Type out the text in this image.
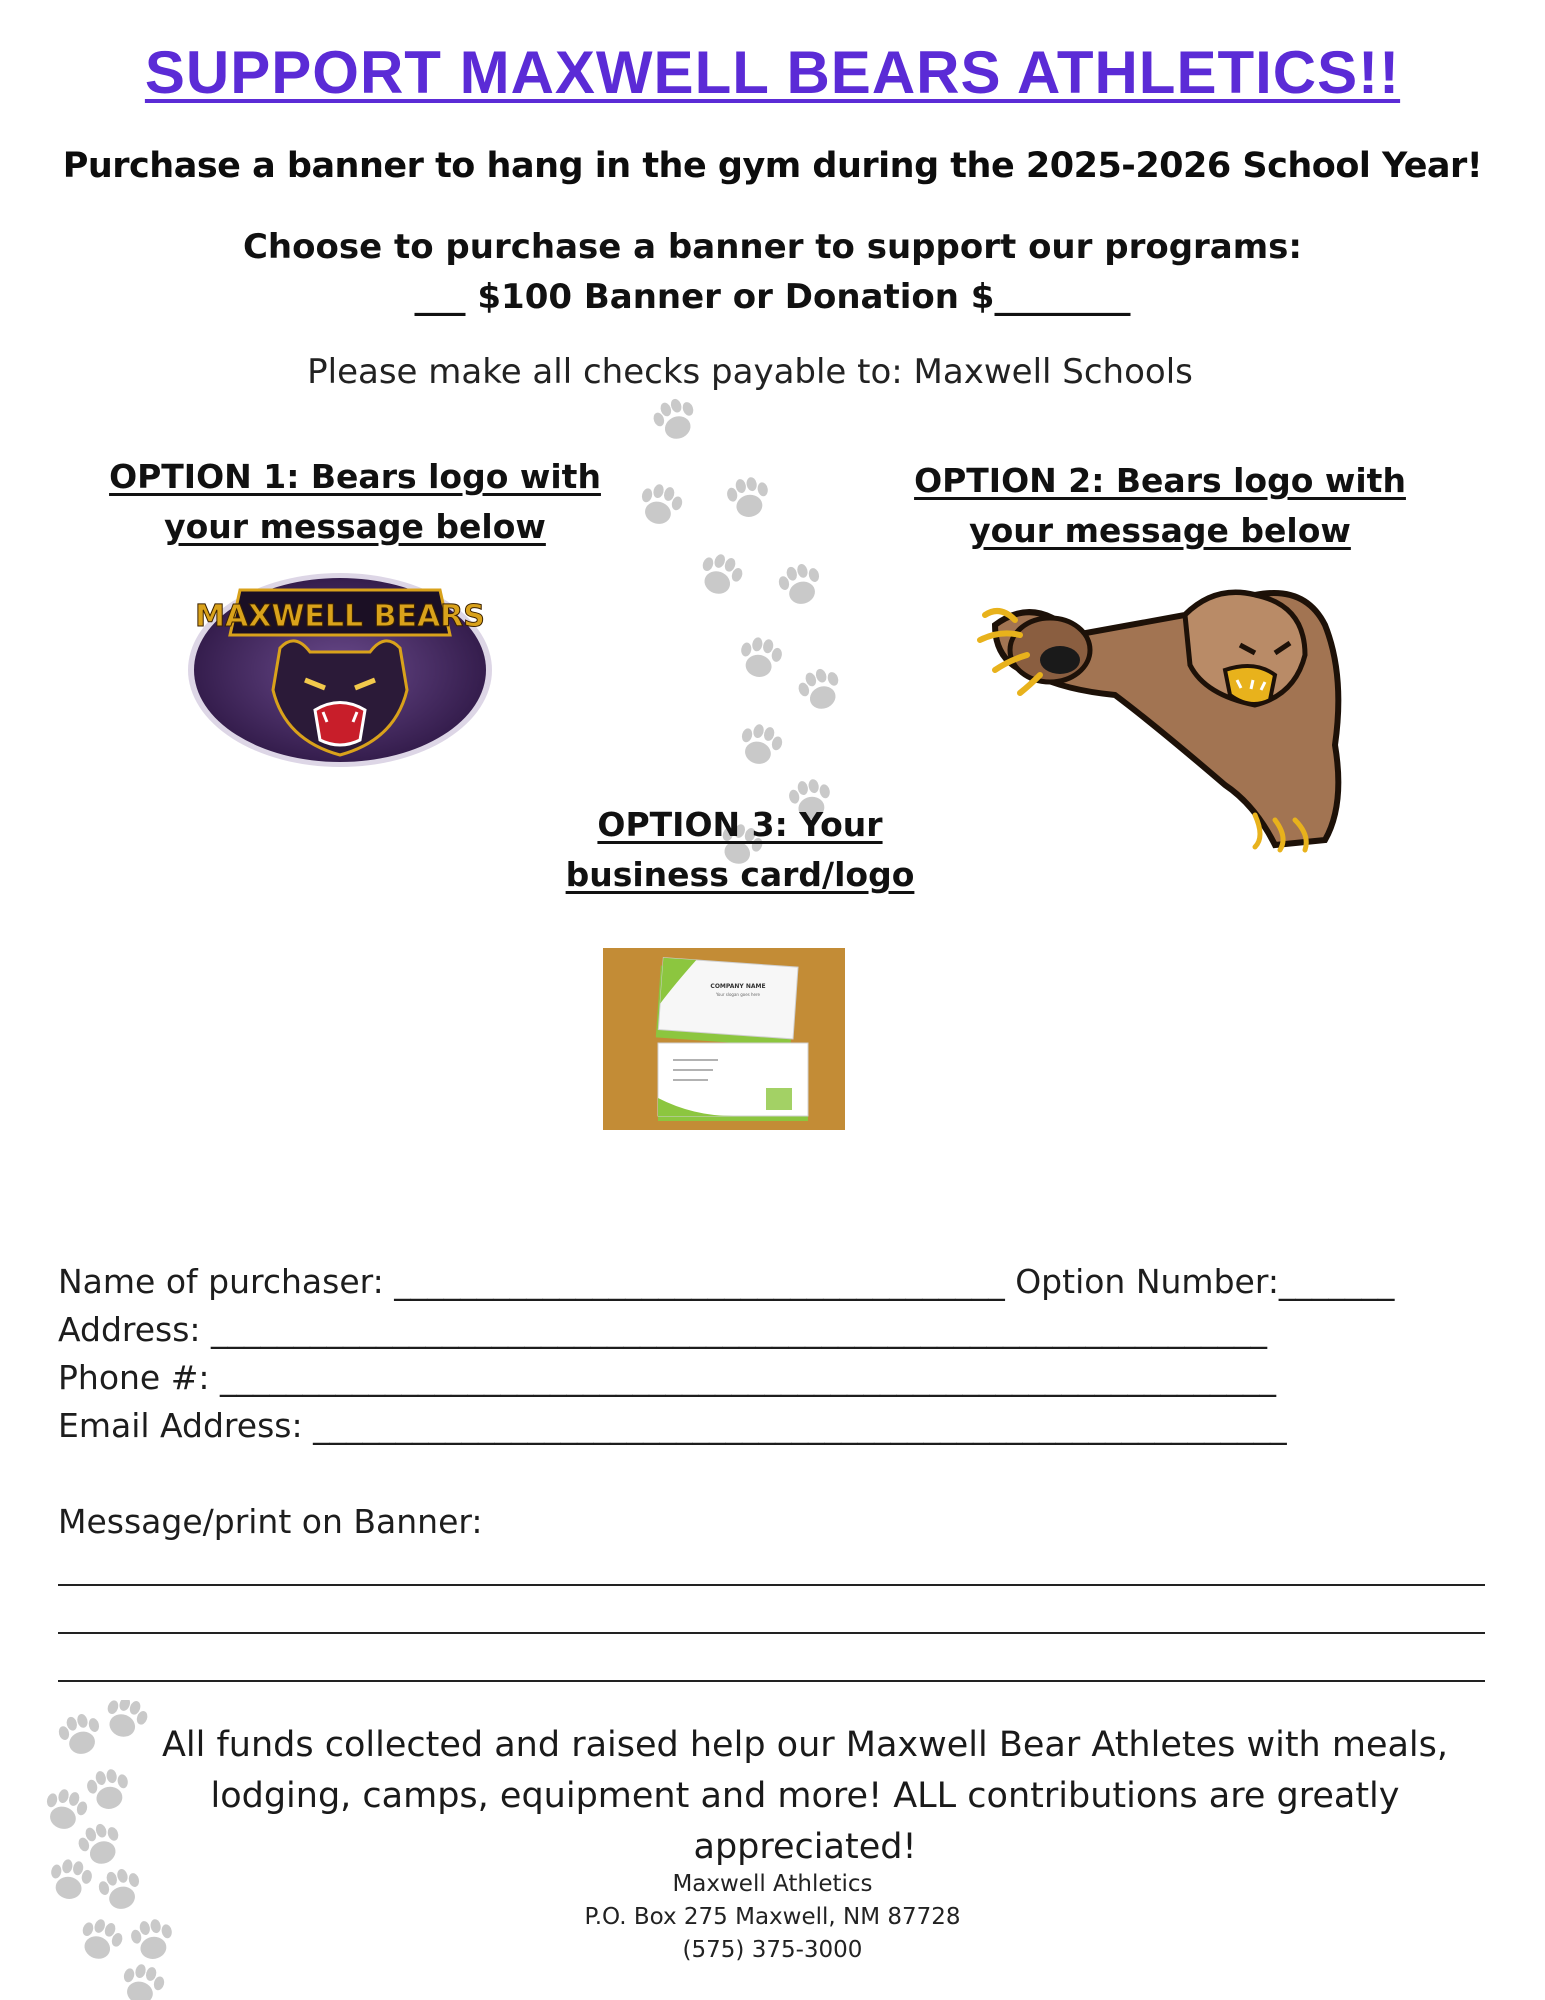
SUPPORT MAXWELL BEARS ATHLETICS!!
Purchase a banner to hang in the gym during the 2025-2026 School Year!
Choose to purchase a banner to support our programs:
___ $100 Banner or Donation $________
Please make all checks payable to: Maxwell Schools
OPTION 1: Bears logo with
your message below
MAXWELL BEARS
OPTION 2: Bears logo with
your message below
OPTION 3: Your
business card/logo
COMPANY NAME
Your slogan goes here
Name of purchaser: _____________________________________ Option Number:_______
Address: ________________________________________________________________
Phone #: ________________________________________________________________
Email Address: ___________________________________________________________
Message/print on Banner:
All funds collected and raised help our Maxwell Bear Athletes with meals,
lodging, camps, equipment and more! ALL contributions are greatly appreciated!
Maxwell Athletics
P.O. Box 275 Maxwell, NM 87728
(575) 375-3000
